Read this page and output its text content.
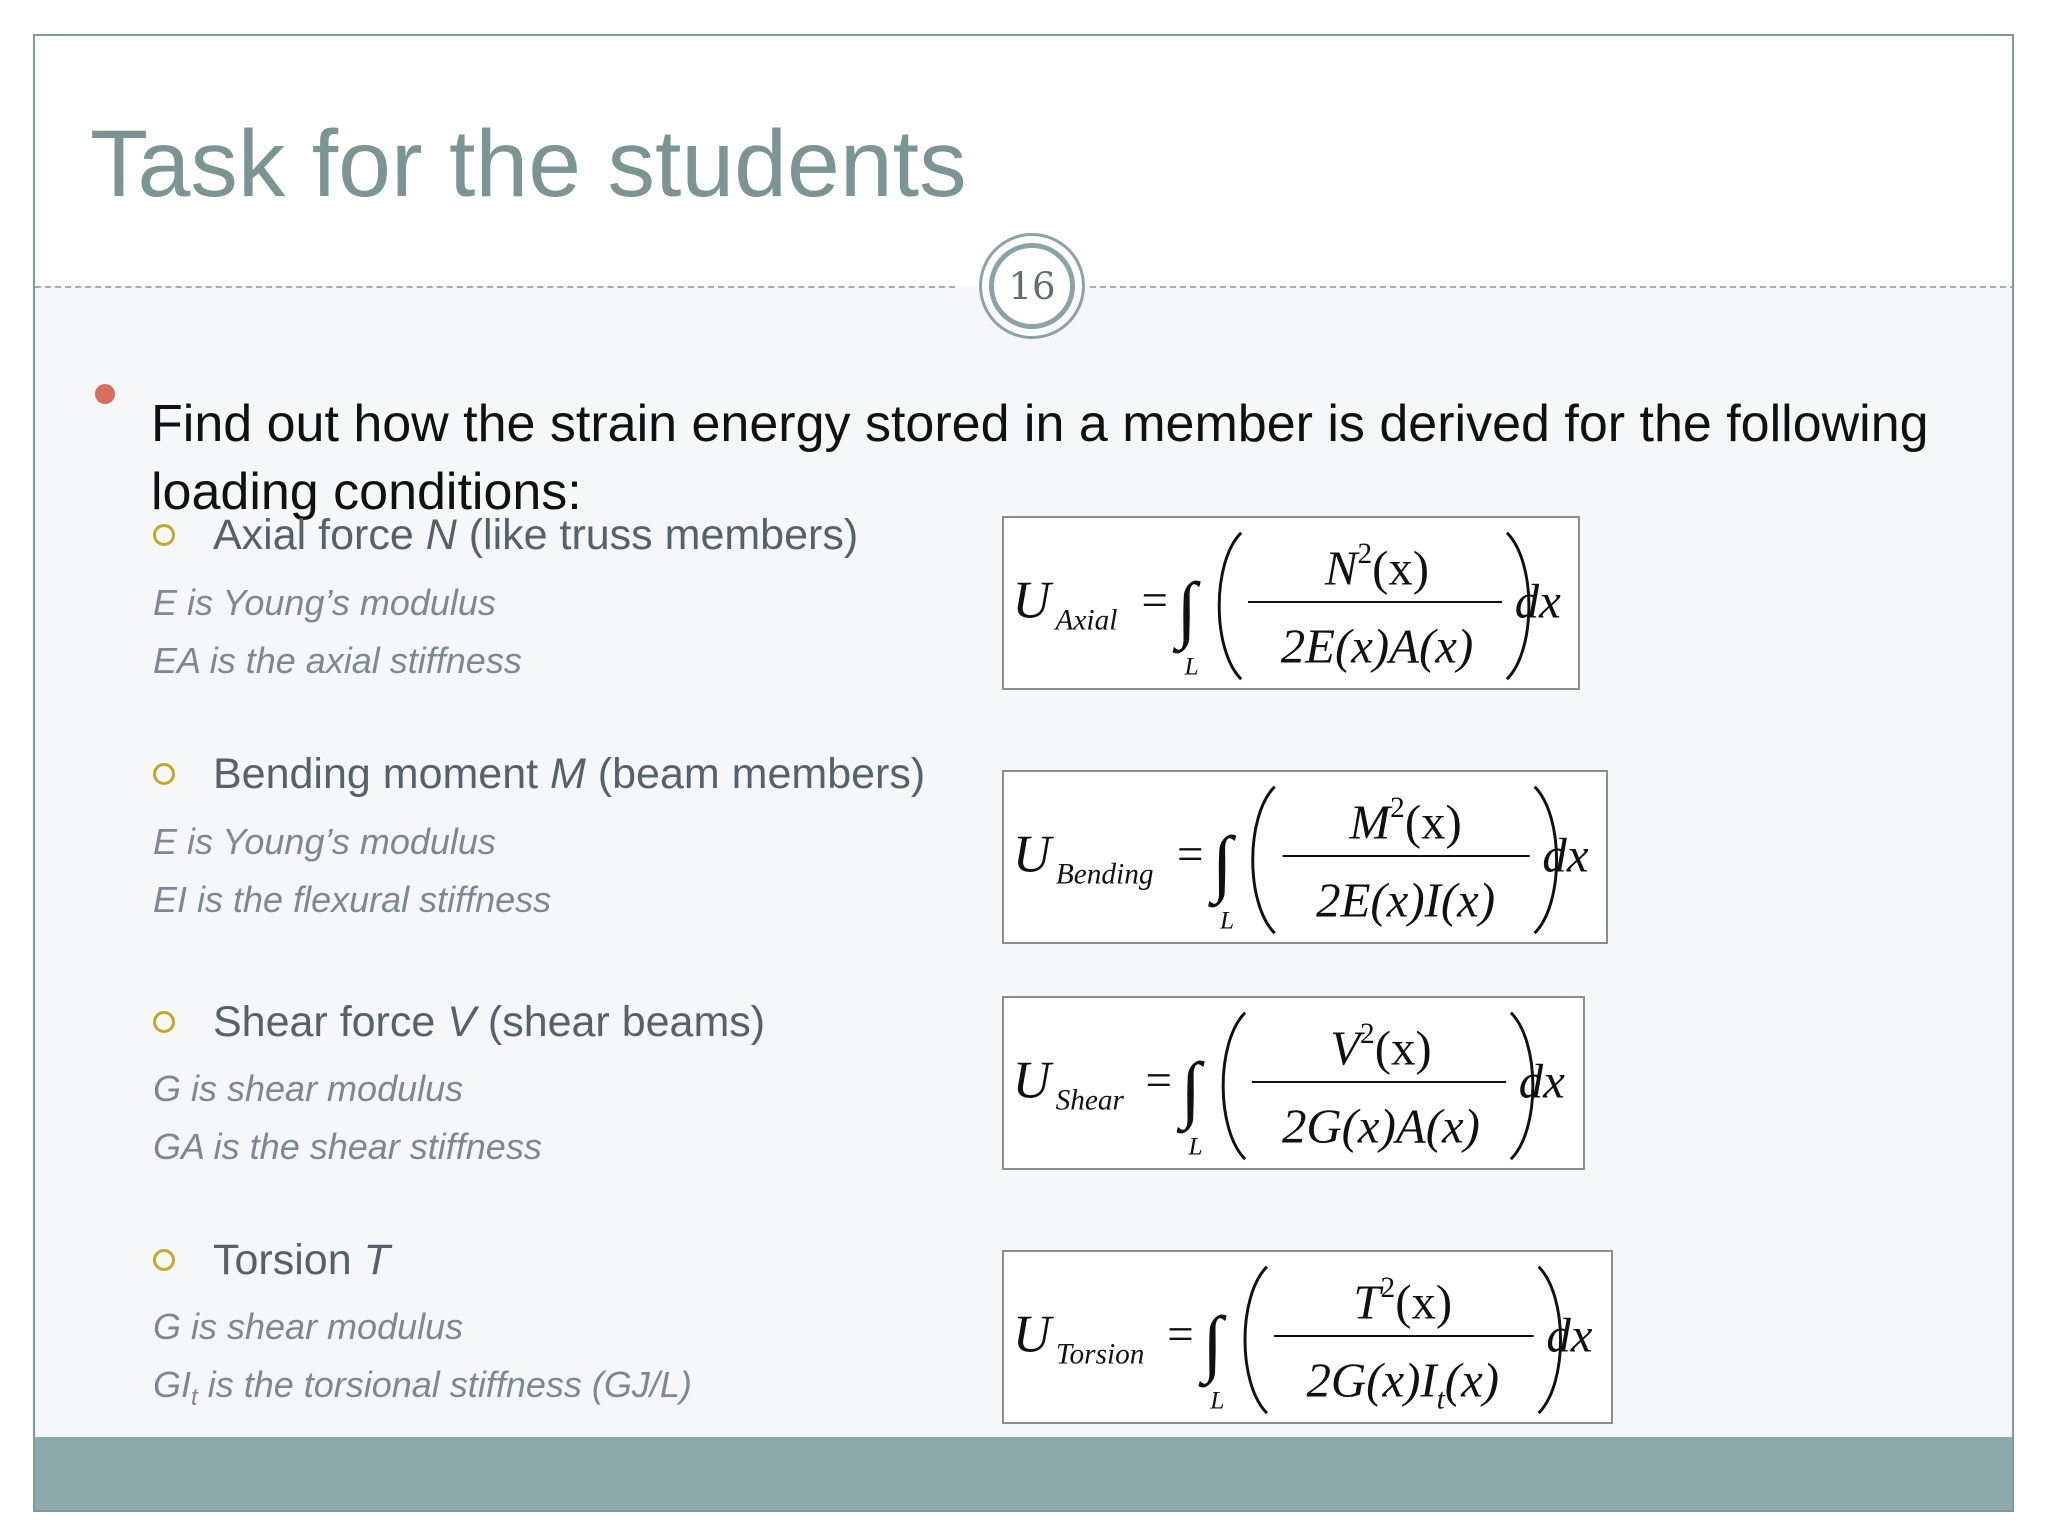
Task for the students
16

Find out how the strain energy stored in a member is derived for the following loading conditions:

Axial force N (like truss members)

E is Young’s modulus

EA is the axial stiffness

Bending moment M (beam members)

E is Young’s modulus

EI is the flexural stiffness

Shear force V (shear beams)

G is shear modulus

GA is the shear stiffness

Torsion T

G is shear modulus

$GI_t$ is the torsional stiffness (GJ/L)

U Axial = ∫
L
$N^2(x)$
2E(x)A(x)
dx
U Bending = ∫
L
$M^2(x)$
2E(x)I(x)
dx
U Shear = ∫
L
$V^2(x)$
2G(x)A(x)
dx
U Torsion = ∫
L
$T^2(x)$
$2G(x)I_t(x)$
dx
